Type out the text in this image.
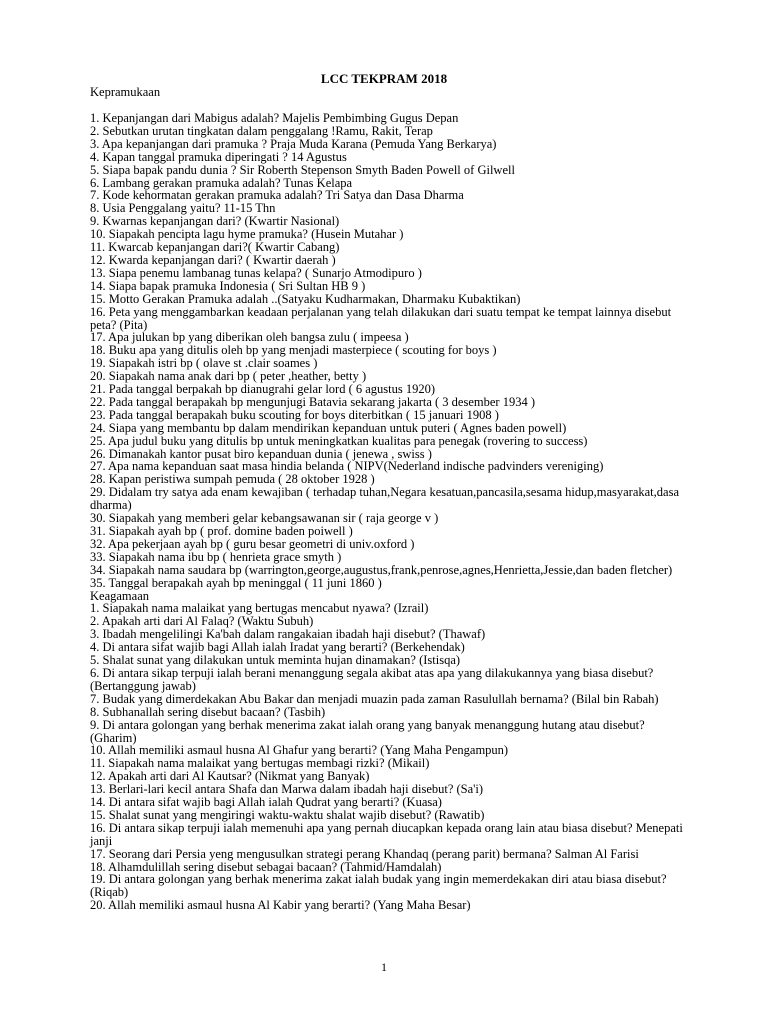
LCC TEKPRAM 2018
Kepramukaan
1. Kepanjangan dari Mabigus adalah? Majelis Pembimbing Gugus Depan
2. Sebutkan urutan tingkatan dalam penggalang !Ramu, Rakit, Terap
3. Apa kepanjangan dari pramuka ? Praja Muda Karana (Pemuda Yang Berkarya)
4. Kapan tanggal pramuka diperingati ? 14 Agustus
5. Siapa bapak pandu dunia ? Sir Roberth Stepenson Smyth Baden Powell of Gilwell
6. Lambang gerakan pramuka adalah? Tunas Kelapa
7. Kode kehormatan gerakan pramuka adalah? Tri Satya dan Dasa Dharma
8. Usia Penggalang yaitu? 11-15 Thn
9. Kwarnas kepanjangan dari? (Kwartir Nasional)
10. Siapakah pencipta lagu hyme pramuka? (Husein Mutahar )
11. Kwarcab kepanjangan dari?( Kwartir Cabang)
12. Kwarda kepanjangan dari? ( Kwartir daerah )
13. Siapa penemu lambanag tunas kelapa? ( Sunarjo Atmodipuro )
14. Siapa bapak pramuka Indonesia ( Sri Sultan HB 9 )
15. Motto Gerakan Pramuka adalah ..(Satyaku Kudharmakan, Dharmaku Kubaktikan)
16. Peta yang menggambarkan keadaan perjalanan yang telah dilakukan dari suatu tempat ke tempat lainnya disebut peta? (Pita)
17. Apa julukan bp yang diberikan oleh bangsa zulu ( impeesa )
18. Buku apa yang ditulis oleh bp yang menjadi masterpiece ( scouting for boys )
19. Siapakah istri bp ( olave st .clair soames )
20. Siapakah nama anak dari bp ( peter ,heather, betty )
21. Pada tanggal berpakah bp dianugrahi gelar lord ( 6 agustus 1920)
22. Pada tanggal berapakah bp mengunjugi Batavia sekarang jakarta ( 3 desember 1934 )
23. Pada tanggal berapakah buku scouting for boys diterbitkan ( 15 januari 1908 )
24. Siapa yang membantu bp dalam mendirikan kepanduan untuk puteri ( Agnes baden powell)
25. Apa judul buku yang ditulis bp untuk meningkatkan kualitas para penegak (rovering to success)
26. Dimanakah kantor pusat biro kepanduan dunia ( jenewa , swiss )
27. Apa nama kepanduan saat masa hindia belanda ( NIPV(Nederland indische padvinders vereniging)
28. Kapan peristiwa sumpah pemuda ( 28 oktober 1928 )
29. Didalam try satya ada enam kewajiban ( terhadap tuhan,Negara kesatuan,pancasila,sesama hidup,masyarakat,dasa dharma)
30. Siapakah yang memberi gelar kebangsawanan sir ( raja george v )
31. Siapakah ayah bp ( prof. domine baden poiwell )
32. Apa pekerjaan ayah bp ( guru besar geometri di univ.oxford )
33. Siapakah nama ibu bp ( henrieta grace smyth )
34. Siapakah nama saudara bp (warrington,george,augustus,frank,penrose,agnes,Henrietta,Jessie,dan baden fletcher)
35. Tanggal berapakah ayah bp meninggal ( 11 juni 1860 )
Keagamaan
1. Siapakah nama malaikat yang bertugas mencabut nyawa? (Izrail)
2. Apakah arti dari Al Falaq? (Waktu Subuh)
3. Ibadah mengelilingi Ka'bah dalam rangakaian ibadah haji disebut? (Thawaf)
4. Di antara sifat wajib bagi Allah ialah Iradat yang berarti? (Berkehendak)
5. Shalat sunat yang dilakukan untuk meminta hujan dinamakan? (Istisqa)
6. Di antara sikap terpuji ialah berani menanggung segala akibat atas apa yang dilakukannya yang biasa disebut? (Bertanggung jawab)
7. Budak yang dimerdekakan Abu Bakar dan menjadi muazin pada zaman Rasulullah bernama? (Bilal bin Rabah)
8. Subhanallah sering disebut bacaan? (Tasbih)
9. Di antara golongan yang berhak menerima zakat ialah orang yang banyak menanggung hutang atau disebut? (Gharim)
10. Allah memiliki asmaul husna Al Ghafur yang berarti? (Yang Maha Pengampun)
11. Siapakah nama malaikat yang bertugas membagi rizki? (Mikail)
12. Apakah arti dari Al Kautsar? (Nikmat yang Banyak)
13. Berlari-lari kecil antara Shafa dan Marwa dalam ibadah haji disebut? (Sa'i)
14. Di antara sifat wajib bagi Allah ialah Qudrat yang berarti? (Kuasa)
15. Shalat sunat yang mengiringi waktu-waktu shalat wajib disebut? (Rawatib)
16. Di antara sikap terpuji ialah memenuhi apa yang pernah diucapkan kepada orang lain atau biasa disebut? Menepati janji
17. Seorang dari Persia yeng mengusulkan strategi perang Khandaq (perang parit) bermana? Salman Al Farisi
18. Alhamdulillah sering disebut sebagai bacaan? (Tahmid/Hamdalah)
19. Di antara golongan yang berhak menerima zakat ialah budak yang ingin memerdekakan diri atau biasa disebut? (Riqab)
20. Allah memiliki asmaul husna Al Kabir yang berarti? (Yang Maha Besar)
1
